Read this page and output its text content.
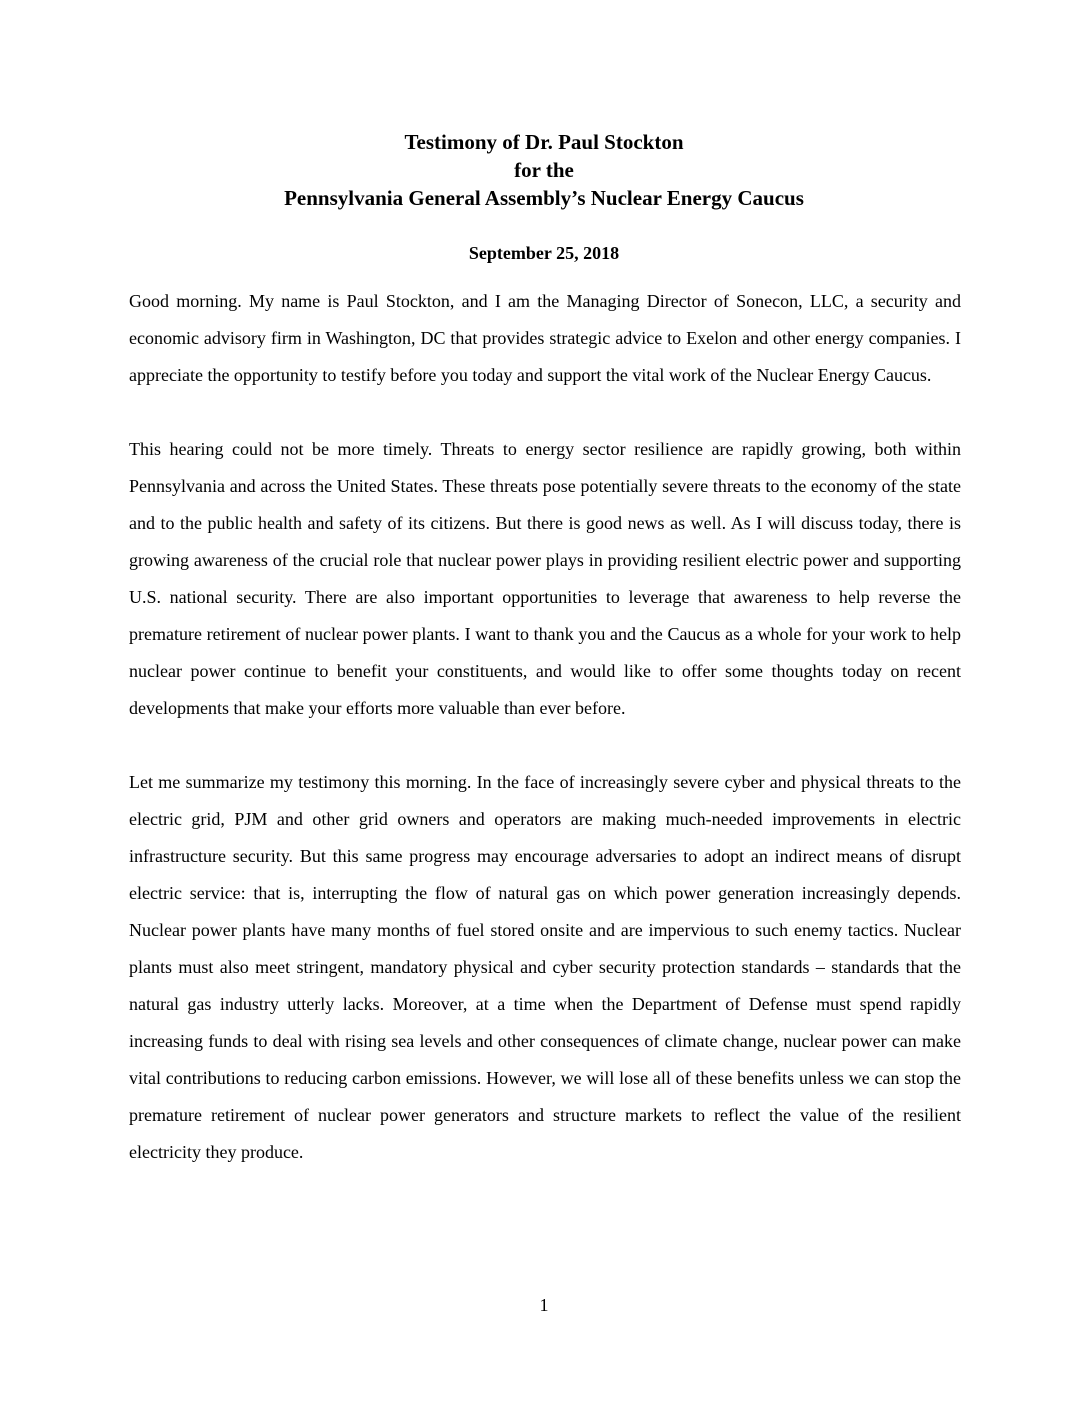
Testimony of Dr. Paul Stockton
for the
Pennsylvania General Assembly’s Nuclear Energy Caucus
September 25, 2018

Good morning. My name is Paul Stockton, and I am the Managing Director of Sonecon, LLC, a security and economic advisory firm in Washington, DC that provides strategic advice to Exelon and other energy companies. I appreciate the opportunity to testify before you today and support the vital work of the Nuclear Energy Caucus.

This hearing could not be more timely. Threats to energy sector resilience are rapidly growing, both within Pennsylvania and across the United States. These threats pose potentially severe threats to the economy of the state and to the public health and safety of its citizens. But there is good news as well. As I will discuss today, there is growing awareness of the crucial role that nuclear power plays in providing resilient electric power and supporting U.S. national security. There are also important opportunities to leverage that awareness to help reverse the premature retirement of nuclear power plants. I want to thank you and the Caucus as a whole for your work to help nuclear power continue to benefit your constituents, and would like to offer some thoughts today on recent developments that make your efforts more valuable than ever before.

Let me summarize my testimony this morning. In the face of increasingly severe cyber and physical threats to the electric grid, PJM and other grid owners and operators are making much-needed improvements in electric infrastructure security. But this same progress may encourage adversaries to adopt an indirect means of disrupt electric service: that is, interrupting the flow of natural gas on which power generation increasingly depends. Nuclear power plants have many months of fuel stored onsite and are impervious to such enemy tactics. Nuclear plants must also meet stringent, mandatory physical and cyber security protection standards – standards that the natural gas industry utterly lacks. Moreover, at a time when the Department of Defense must spend rapidly increasing funds to deal with rising sea levels and other consequences of climate change, nuclear power can make vital contributions to reducing carbon emissions. However, we will lose all of these benefits unless we can stop the premature retirement of nuclear power generators and structure markets to reflect the value of the resilient electricity they produce.

1
